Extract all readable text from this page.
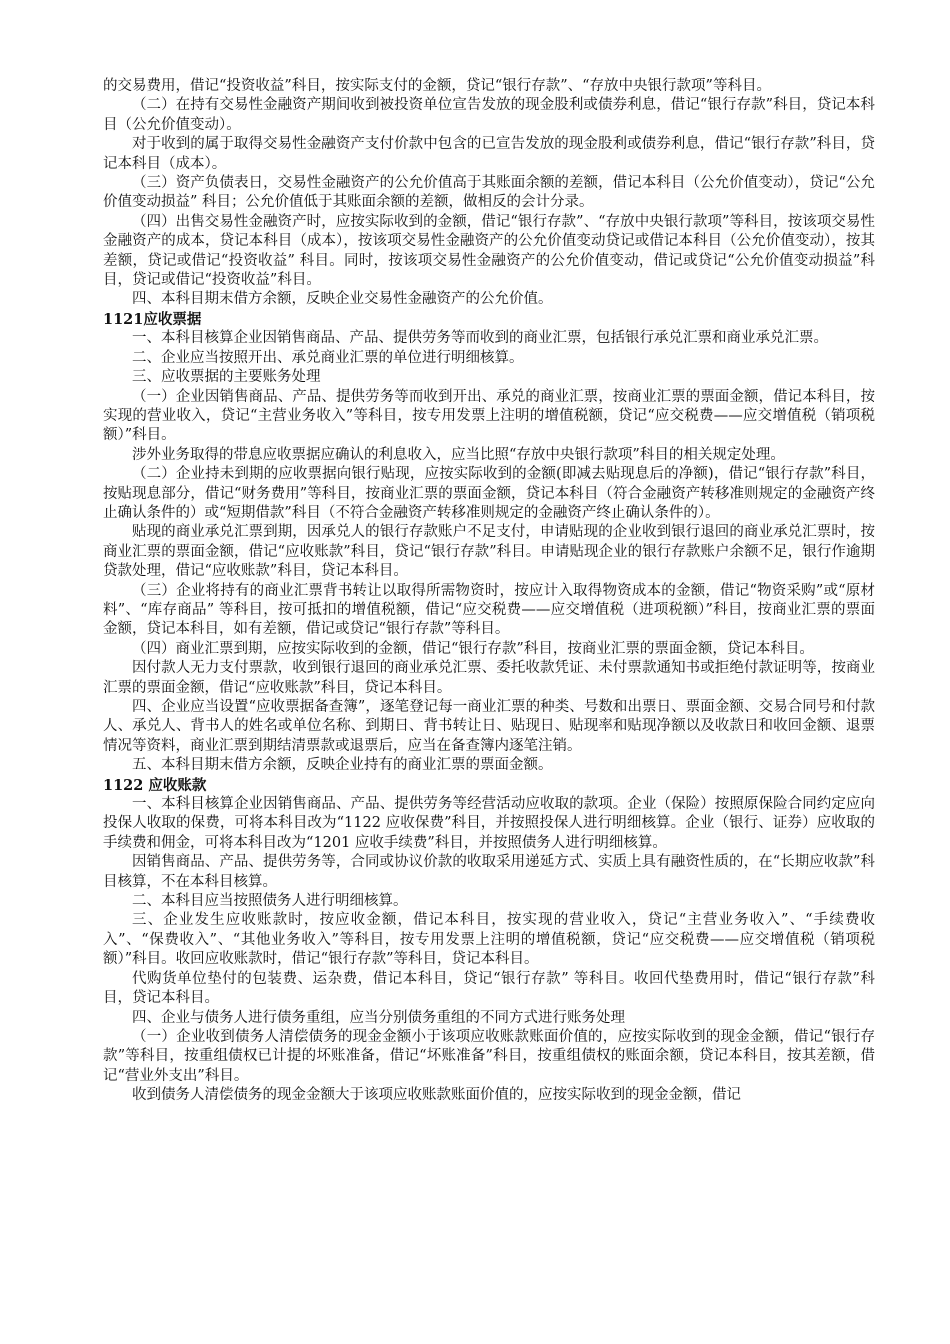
的交易费用，借记“投资收益”科目，按实际支付的金额，贷记“银行存款”、“存放中央银行款项”等科目。

（二）在持有交易性金融资产期间收到被投资单位宣告发放的现金股利或债券利息，借记“银行存款”科目，贷记本科目（公允价值变动）。

对于收到的属于取得交易性金融资产支付价款中包含的已宣告发放的现金股利或债券利息，借记“银行存款”科目，贷记本科目（成本）。

（三）资产负债表日，交易性金融资产的公允价值高于其账面余额的差额，借记本科目（公允价值变动），贷记“公允价值变动损益” 科目；公允价值低于其账面余额的差额，做相反的会计分录。

（四）出售交易性金融资产时，应按实际收到的金额，借记“银行存款”、“存放中央银行款项”等科目，按该项交易性金融资产的成本，贷记本科目（成本），按该项交易性金融资产的公允价值变动贷记或借记本科目（公允价值变动），按其差额，贷记或借记“投资收益” 科目。同时，按该项交易性金融资产的公允价值变动，借记或贷记“公允价值变动损益”科目，贷记或借记“投资收益”科目。

四、本科目期末借方余额，反映企业交易性金融资产的公允价值。

1121应收票据

一、本科目核算企业因销售商品、产品、提供劳务等而收到的商业汇票，包括银行承兑汇票和商业承兑汇票。

二、企业应当按照开出、承兑商业汇票的单位进行明细核算。

三、应收票据的主要账务处理

（一）企业因销售商品、产品、提供劳务等而收到开出、承兑的商业汇票，按商业汇票的票面金额，借记本科目，按实现的营业收入，贷记“主营业务收入”等科目，按专用发票上注明的增值税额，贷记“应交税费——应交增值税（销项税额）”科目。

涉外业务取得的带息应收票据应确认的利息收入，应当比照“存放中央银行款项”科目的相关规定处理。

（二）企业持未到期的应收票据向银行贴现，应按实际收到的金额(即减去贴现息后的净额)，借记“银行存款”科目，按贴现息部分，借记“财务费用”等科目，按商业汇票的票面金额，贷记本科目（符合金融资产转移准则规定的金融资产终止确认条件的）或“短期借款”科目（不符合金融资产转移准则规定的金融资产终止确认条件的）。

贴现的商业承兑汇票到期，因承兑人的银行存款账户不足支付，申请贴现的企业收到银行退回的商业承兑汇票时，按商业汇票的票面金额，借记“应收账款”科目，贷记“银行存款”科目。申请贴现企业的银行存款账户余额不足，银行作逾期贷款处理，借记“应收账款”科目，贷记本科目。

（三）企业将持有的商业汇票背书转让以取得所需物资时，按应计入取得物资成本的金额，借记“物资采购”或“原材料”、“库存商品” 等科目，按可抵扣的增值税额，借记“应交税费——应交增值税（进项税额）”科目，按商业汇票的票面金额，贷记本科目，如有差额，借记或贷记“银行存款”等科目。

（四）商业汇票到期，应按实际收到的金额，借记“银行存款”科目，按商业汇票的票面金额，贷记本科目。

因付款人无力支付票款，收到银行退回的商业承兑汇票、委托收款凭证、未付票款通知书或拒绝付款证明等，按商业汇票的票面金额，借记“应收账款”科目，贷记本科目。

四、企业应当设置“应收票据备查簿”，逐笔登记每一商业汇票的种类、号数和出票日、票面金额、交易合同号和付款人、承兑人、背书人的姓名或单位名称、到期日、背书转让日、贴现日、贴现率和贴现净额以及收款日和收回金额、退票情况等资料，商业汇票到期结清票款或退票后，应当在备查簿内逐笔注销。

五、本科目期末借方余额，反映企业持有的商业汇票的票面金额。

1122 应收账款

一、本科目核算企业因销售商品、产品、提供劳务等经营活动应收取的款项。企业（保险）按照原保险合同约定应向投保人收取的保费，可将本科目改为“1122 应收保费”科目，并按照投保人进行明细核算。企业（银行、证券）应收取的手续费和佣金，可将本科目改为“1201 应收手续费”科目，并按照债务人进行明细核算。

因销售商品、产品、提供劳务等，合同或协议价款的收取采用递延方式、实质上具有融资性质的，在“长期应收款”科目核算，不在本科目核算。

二、本科目应当按照债务人进行明细核算。

三、企业发生应收账款时，按应收金额，借记本科目，按实现的营业收入，贷记“主营业务收入”、“手续费收入”、“保费收入”、“其他业务收入”等科目，按专用发票上注明的增值税额，贷记“应交税费——应交增值税（销项税额）”科目。收回应收账款时，借记“银行存款”等科目，贷记本科目。

代购货单位垫付的包装费、运杂费，借记本科目，贷记“银行存款” 等科目。收回代垫费用时，借记“银行存款”科目，贷记本科目。

四、企业与债务人进行债务重组，应当分别债务重组的不同方式进行账务处理

（一）企业收到债务人清偿债务的现金金额小于该项应收账款账面价值的，应按实际收到的现金金额，借记“银行存款”等科目，按重组债权已计提的坏账准备，借记“坏账准备”科目，按重组债权的账面余额，贷记本科目，按其差额，借记“营业外支出”科目。

收到债务人清偿债务的现金金额大于该项应收账款账面价值的，应按实际收到的现金金额，借记
